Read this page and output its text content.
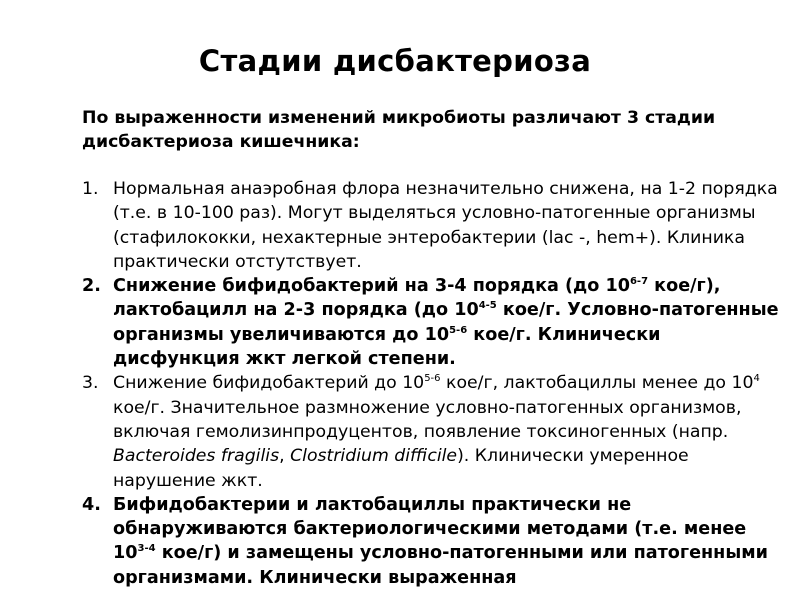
Стадии дисбактериоза
По выраженности изменений микробиоты различают 3 стадии дисбактериоза кишечника:
1. Нормальная анаэробная флора незначительно снижена, на 1-2 порядка (т.е. в 10-100 раз). Могут выделяться условно-патогенные организмы (стафилококки, нехактерные энтеробактерии (lac -, hem+). Клиника практически отстутствует.
2. Снижение бифидобактерий на 3-4 порядка (до 10$^{6-7}$ кое/г), лактобацилл на 2-3 порядка (до 10$^{4-5}$ кое/г. Условно-патогенные организмы увеличиваются до 10$^{5-6}$ кое/г. Клинически дисфункция жкт легкой степени.
3. Снижение бифидобактерий до 10$^{5-6}$ кое/г, лактобациллы менее до $10^4$ кое/г. Значительное размножение условно-патогенных организмов, включая гемолизинпродуцентов, появление токсиногенных (напр. Bacteroides fragilis, Clostridium difficile). Клинически умеренное нарушение жкт.
4. Бифидобактерии и лактобациллы практически не обнаруживаются бактериологическими методами (т.е. менее 10$^{3-4}$ кое/г) и замещены условно-патогенными или патогенными организмами. Клинически выраженная
